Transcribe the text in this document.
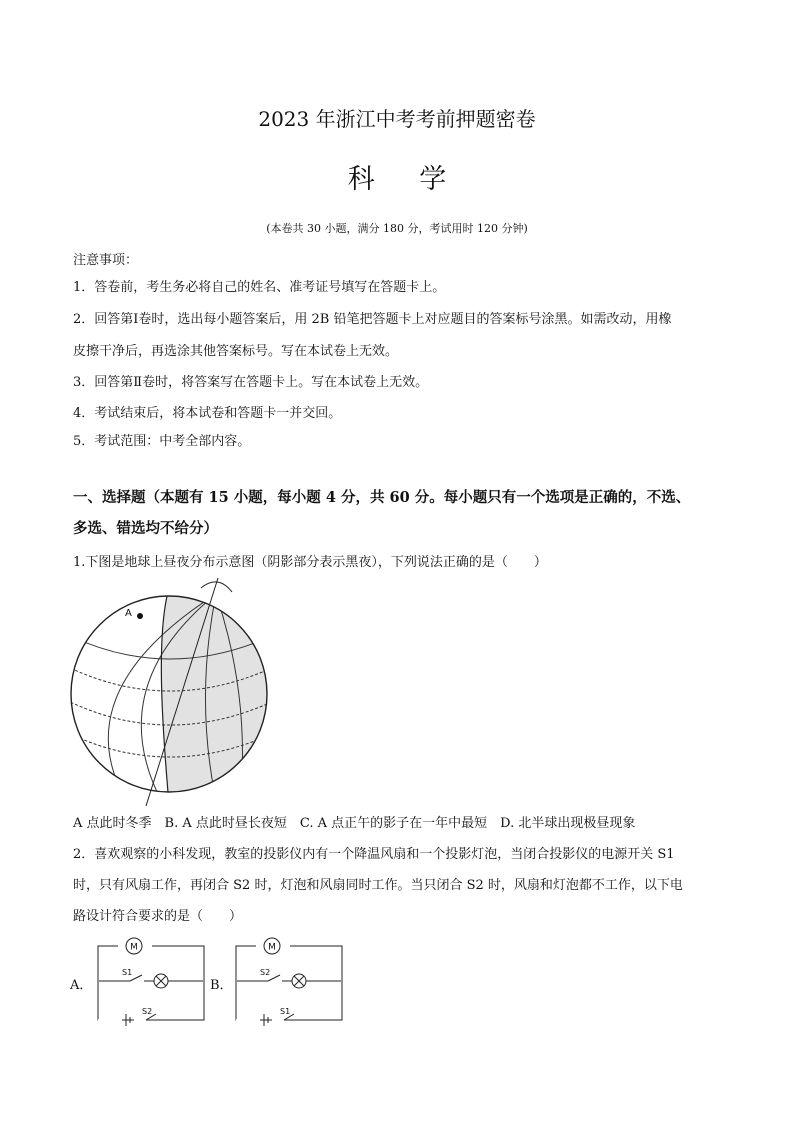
2023 年浙江中考考前押题密卷
科 学
(本卷共 30 小题，满分 180 分，考试用时 120 分钟)
注意事项：
1．答卷前，考生务必将自己的姓名、准考证号填写在答题卡上。
2．回答第Ⅰ卷时，选出每小题答案后，用 2B 铅笔把答题卡上对应题目的答案标号涂黑。如需改动，用橡
皮擦干净后，再选涂其他答案标号。写在本试卷上无效。
3．回答第Ⅱ卷时，将答案写在答题卡上。写在本试卷上无效。
4．考试结束后，将本试卷和答题卡一并交回。
5．考试范围：中考全部内容。
一、选择题（本题有 15 小题，每小题 4 分，共 60 分。每小题只有一个选项是正确的，不选、
多选、错选均不给分）
1.下图是地球上昼夜分布示意图（阴影部分表示黑夜），下列说法正确的是（　　）
A
A 点此时冬季　B. A 点此时昼长夜短　C. A 点正午的影子在一年中最短　D. 北半球出现极昼现象
2．喜欢观察的小科发现，教室的投影仪内有一个降温风扇和一个投影灯泡，当闭合投影仪的电源开关 S1
时，只有风扇工作，再闭合 S2 时，灯泡和风扇同时工作。当只闭合 S2 时，风扇和灯泡都不工作，以下电
路设计符合要求的是（　　）
A．
M
S1
S2
B．
M
S2
S1
